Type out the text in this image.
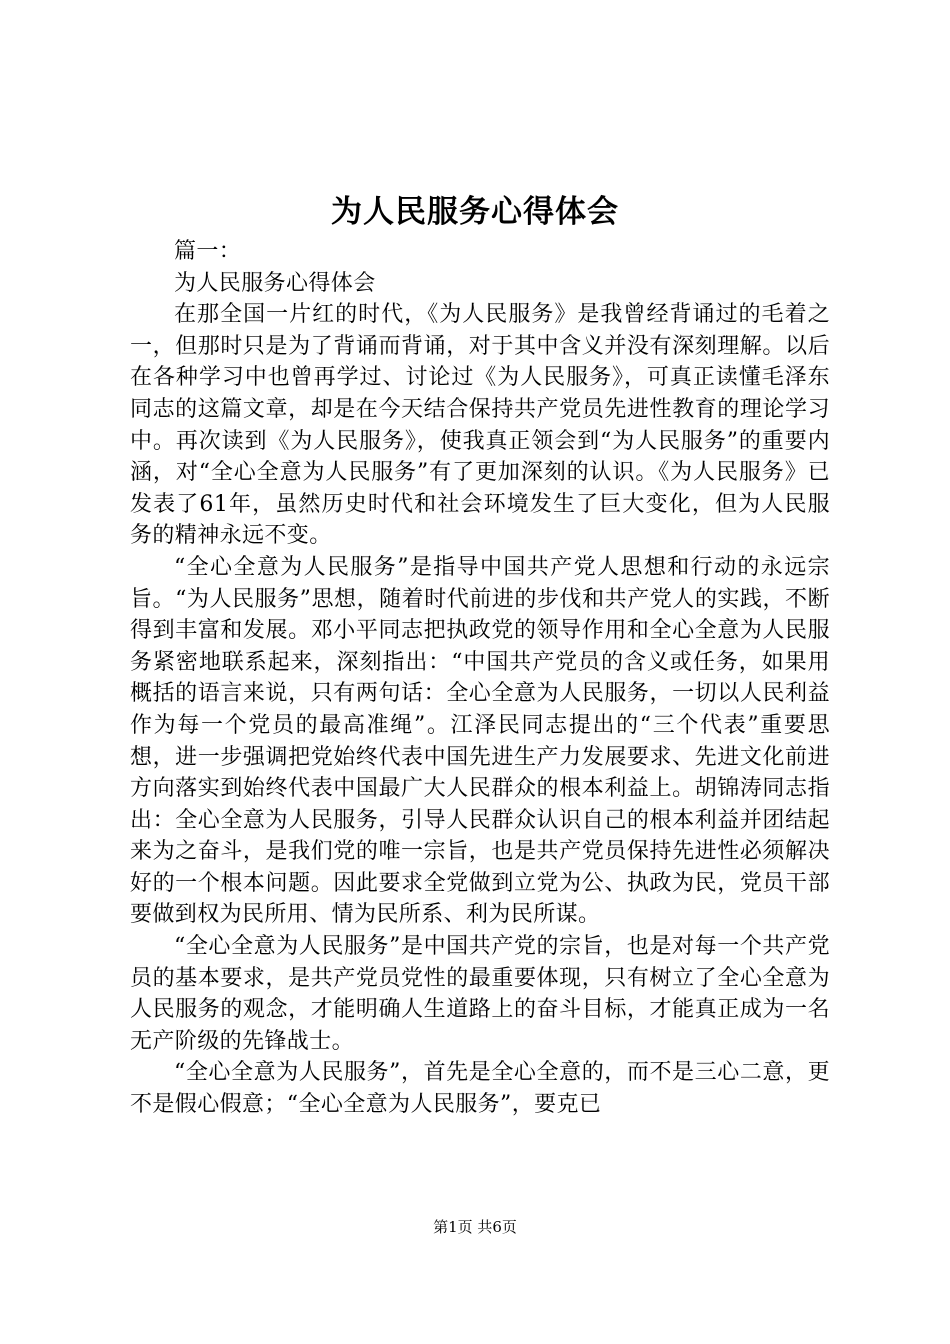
为人民服务心得体会

篇一：

为人民服务心得体会

在那全国一片红的时代，《为人民服务》是我曾经背诵过的毛着之一，但那时只是为了背诵而背诵，对于其中含义并没有深刻理解。以后在各种学习中也曾再学过、讨论过《为人民服务》，可真正读懂毛泽东同志的这篇文章，却是在今天结合保持共产党员先进性教育的理论学习中。再次读到《为人民服务》，使我真正领会到“为人民服务”的重要内涵，对“全心全意为人民服务”有了更加深刻的认识。《为人民服务》已发表了61年，虽然历史时代和社会环境发生了巨大变化，但为人民服务的精神永远不变。

“全心全意为人民服务”是指导中国共产党人思想和行动的永远宗旨。“为人民服务”思想，随着时代前进的步伐和共产党人的实践，不断得到丰富和发展。邓小平同志把执政党的领导作用和全心全意为人民服务紧密地联系起来，深刻指出：“中国共产党员的含义或任务，如果用概括的语言来说，只有两句话：全心全意为人民服务，一切以人民利益作为每一个党员的最高准绳”。江泽民同志提出的“三个代表”重要思想，进一步强调把党始终代表中国先进生产力发展要求、先进文化前进方向落实到始终代表中国最广大人民群众的根本利益上。胡锦涛同志指出：全心全意为人民服务，引导人民群众认识自己的根本利益并团结起来为之奋斗，是我们党的唯一宗旨，也是共产党员保持先进性必须解决好的一个根本问题。因此要求全党做到立党为公、执政为民，党员干部要做到权为民所用、情为民所系、利为民所谋。

“全心全意为人民服务”是中国共产党的宗旨，也是对每一个共产党员的基本要求，是共产党员党性的最重要体现，只有树立了全心全意为人民服务的观念，才能明确人生道路上的奋斗目标，才能真正成为一名无产阶级的先锋战士。

“全心全意为人民服务”，首先是全心全意的，而不是三心二意，更不是假心假意；“全心全意为人民服务”，要克已

第1页 共6页
